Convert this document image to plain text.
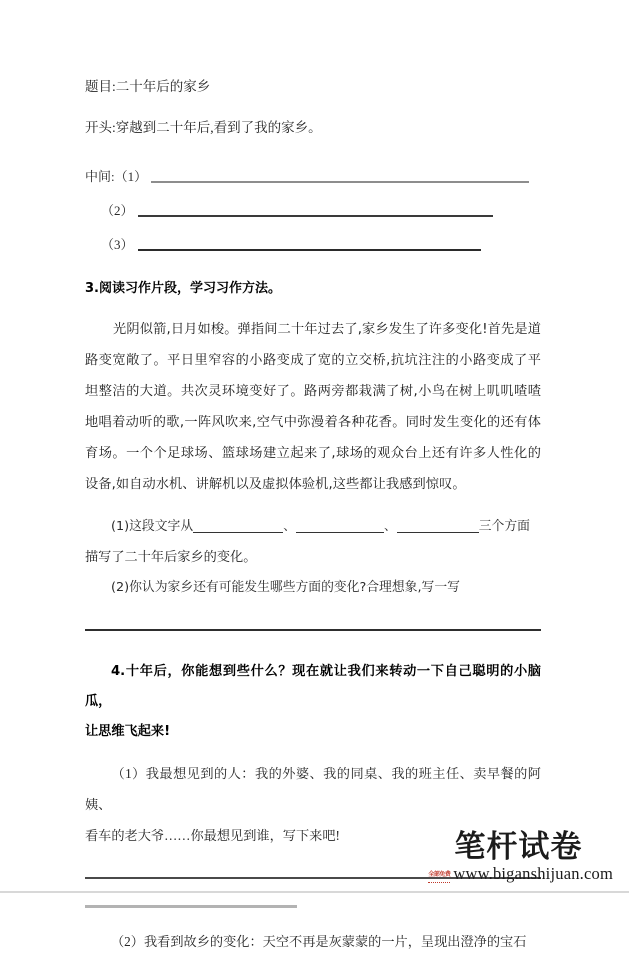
题目:二十年后的家乡
开头:穿越到二十年后,看到了我的家乡。
中间:（1）
（2）
（3）
3.阅读习作片段，学习习作方法。
光阴似箭,日月如梭。弹指间二十年过去了,家乡发生了许多变化!首先是道路变宽敞了。平日里窄容的小路变成了宽的立交桥,抗坑注注的小路变成了平坦整洁的大道。共次灵环境变好了。路两旁都栽满了树,小鸟在树上叽叽喳喳地唱着动听的歌,一阵风吹来,空气中弥漫着各种花香。同时发生变化的还有体育场。一个个足球场、篮球场建立起来了,球场的观众台上还有许多人性化的设备,如自动水机、讲解机以及虚拟体验机,这些都让我感到惊叹。
(1)这段文字从	、	、	三个方面
描写了二十年后家乡的变化。
(2)你认为家乡还有可能发生哪些方面的变化?合理想象,写一写
4.十年后，你能想到些什么？现在就让我们来转动一下自己聪明的小脑瓜，
让思维飞起来!
（1）我最想见到的人：我的外婆、我的同桌、我的班主任、卖早餐的阿姨、
看车的老大爷……你最想见到谁，写下来吧!
（2）我看到故乡的变化：天空不再是灰蒙蒙的一片，呈现出澄净的宝石
笔杆试卷
全部免费 www.biganshijuan.com
